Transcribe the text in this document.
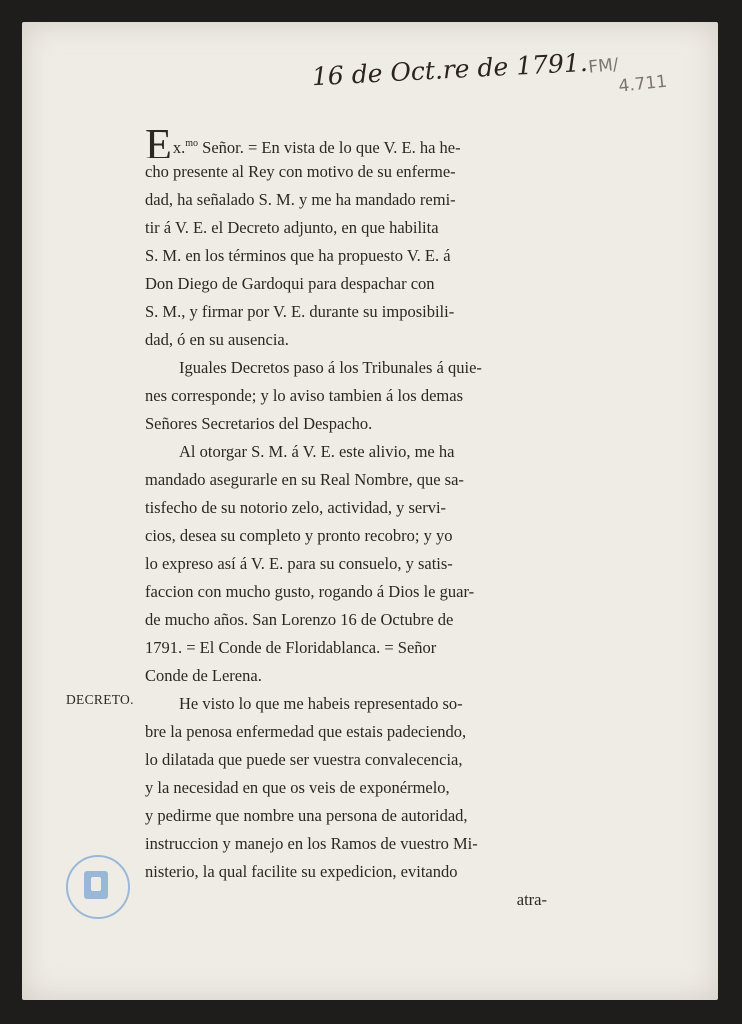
16 de Oct.re de 1791. FM/
4.711
Ex.$^{mo}$ Señor. = En vista de lo que V. E. ha he-
cho presente al Rey con motivo de su enferme-
dad, ha señalado S. M. y me ha mandado remi-
tir á V. E. el Decreto adjunto, en que habilita
S. M. en los términos que ha propuesto V. E. á
Don Diego de Gardoqui para despachar con
S. M., y firmar por V. E. durante su imposibili-
dad, ó en su ausencia.
Iguales Decretos paso á los Tribunales á quie-
nes corresponde; y lo aviso tambien á los demas
Señores Secretarios del Despacho.
Al otorgar S. M. á V. E. este alivio, me ha
mandado asegurarle en su Real Nombre, que sa-
tisfecho de su notorio zelo, actividad, y servi-
cios, desea su completo y pronto recobro; y yo
lo expreso así á V. E. para su consuelo, y satis-
faccion con mucho gusto, rogando á Dios le guar-
de mucho años. San Lorenzo 16 de Octubre de
1791. = El Conde de Floridablanca. = Señor
Conde de Lerena.
He visto lo que me habeis representado so-
bre la penosa enfermedad que estais padeciendo,
lo dilatada que puede ser vuestra convalecencia,
y la necesidad en que os veis de exponérmelo,
y pedirme que nombre una persona de autoridad,
instruccion y manejo en los Ramos de vuestro Mi-
nisterio, la qual facilite su expedicion, evitando
atra-
DECRETO.
